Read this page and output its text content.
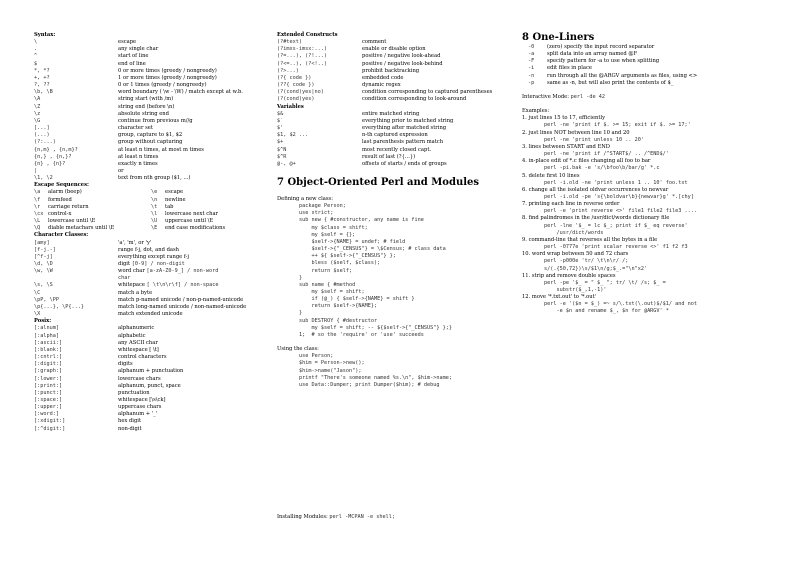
Syntax:
\	escape
.	any single char
^	start of line
$	end of line
*, *?	0 or more times (greedy / nongreedy)
+, +?	1 or more times (greedy / nongreedy)
?, ??	0 or 1 times (greedy / nongreedy)
\b, \B	word boundary ( \w - \W) / match except at w.b.
\A	string start (with /m)
\Z	string end (before \n)
\z	absolute string end
\G	continue from previous m//g
[...]	character set
(...)	group, capture to $1, $2
(?:...)	group without capturing
{n,m} , {n,m}?	at least n times, at most m times
{n,} , {n,}?	at least n times
{n} , {n}?	exactly n times
|	or
\1, \2	text from nth group ($1, ...)
Escape Sequences:
\a	alarm (beep)	\e	escape
\f	formfeed	\n	newline
\r	carriage return	\t	tab
\cx control-x	\l	lowercase next char
\L	lowercase until \E	\U	uppercase until \E
\Q	diable metachars until \E	\E	end case modifications
Character Classes:
[amy]	'a', 'm', or 'y'
[f-j.-]	range f-j, dot, and dash
[^f-j]	everything except range f-j
\d, \D	digit [0-9] / non-digit
\w, \W	word char [a-zA-Z0-9_] / non-word
char
\s, \S	whitepace [ \t\n\r\f] / non-space
\C	match a byte
\pP, \PP	match p-named unicode / non-p-named-unicode
\p{...}, \P{...}	match long-named unicode / non-named-unicode
\X	match extended unicode
Posix:
[:alnum]	alphanumeric
[:alpha]	alphabetic
[:ascii:]	any ASCII char
[:blank:]	whitespace [ \t]
[:cntrl:]	control characters
[:digit:]	digits
[:graph:]	alphanum + punctuation
[:lower:]	lowercase chars
[:print:]	alphanum, punct, space
[:punct:]	punctuation
[:space:]	whitespace [\s\ck]
[:upper:]	uppercase chars
[:word:]	alphanum + '_'
[:xdigit:]	hex digit
[:^digit:]	non-digit
Extended Constructs
(?#text)	comment
(?imxs-imsx:...)	enable or disable option
(?=...), (?!...)	positive / negative look-ahead
(?<=..), (?<!..)	positive / negative look-behind
(?>...)	prohibit backtracking
(?{ code })	embedded code
(??{ code })	dynamic regex
(?(cond)yes|no)	condition corresponding to captured parentheses
(?(cond)yes)	condition corresponding to look-around
Variables
$&	entire matched string
$`	everything prior to matched string
$'	everything after matched string
$1, $2 ...	n-th captured expression
$+	last parenthesis pattern match
$^N	most recently closed capt.
$^R	result of last (?{...})
@-, @+	offsets of starts / ends of groups
7 Object-Oriented Perl and Modules
Defining a new class:
package Person;
use strict;
sub new { #constructor, any name is fine
my $class = shift;
my $self = {};
$self->{NAME} = undef; # field
$self->{"_CENSUS"} = \$Census; # class data
++ ${ $self->{"_CENSUS"} };
bless ($self, $class);
return $self;
}
sub name { #method
my $self = shift;
if (@_) { $self->{NAME} = shift }
return $self->{NAME};
}
sub DESTROY { #destructor
my $self = shift; -- ${$self->{"_CENSUS"} };}
1;  # so the 'require' or 'use' succeeds
Using the class:
use Person;
$him = Person->new();
$him->name("Jason");
printf "There's someone named %s.\n", $him->name;
use Data::Dumper; print Dumper($him); # debug
Installing Modules: perl -MCPAN -e shell;
8 One-Liners
-0	(zero) specify the input record separator
-a	split data into an array named @F
-F	specify pattern for -a to use when splitting
-i	edit files in place
-n	run through all the @ARGV arguments as files, using <>
-p	same as -n, but will also print the contents of $_
Interactive Mode: perl -de 42
Examples:
1. just lines 15 to 17, efficiently
perl -ne 'print if $. >= 15; exit if $. >= 17;'
2. just lines NOT between line 10 and 20
perl -ne 'print unless 10 .. 20'
3. lines between START and END
perl -ne 'print if /^START$/ .. /^END$/'
4. in-place edit of *.c files changing all foo to bar
perl -pi.bak -e 's/\bfoo\b/bar/g' *.c
5. delete first 10 lines
perl -i.old -ne 'print unless 1 .. 10' foo.txt
6. change all the isolated oldvar occurrences to newvar
perl -i.old -pe 's{\boldvar\b}{newvar}g' *.[chy]
7. printing each line in reverse order
perl -e 'print reverse <>' file1 file2 file3 ....
8. find palindromes in the /usr/dict/words dictionary file
perl -lne '$_ = lc $_; print if $_ eq reverse'
/usr/dict/words
9. command-line that reverses all the bytes in a file
perl -0777e 'print scalar reverse <>' f1 f2 f3
10. word wrap between 50 and 72 chars
perl -p000e 'tr/ \t\n\r/ /;
s/(.{50,72})\s/$1\n/g;$_.="\n"x2'
11. strip and remove double spaces
perl -pe '$_ = " $_ "; tr/ \t/ /s; $_ =
substr($_,1,-1)'
12. move '*.txt.out' to '*.out'
perl -e '($n = $_) =~ s/\.txt(\.out)$/$1/ and not
-e $n and rename $_, $n for @ARGV' *
